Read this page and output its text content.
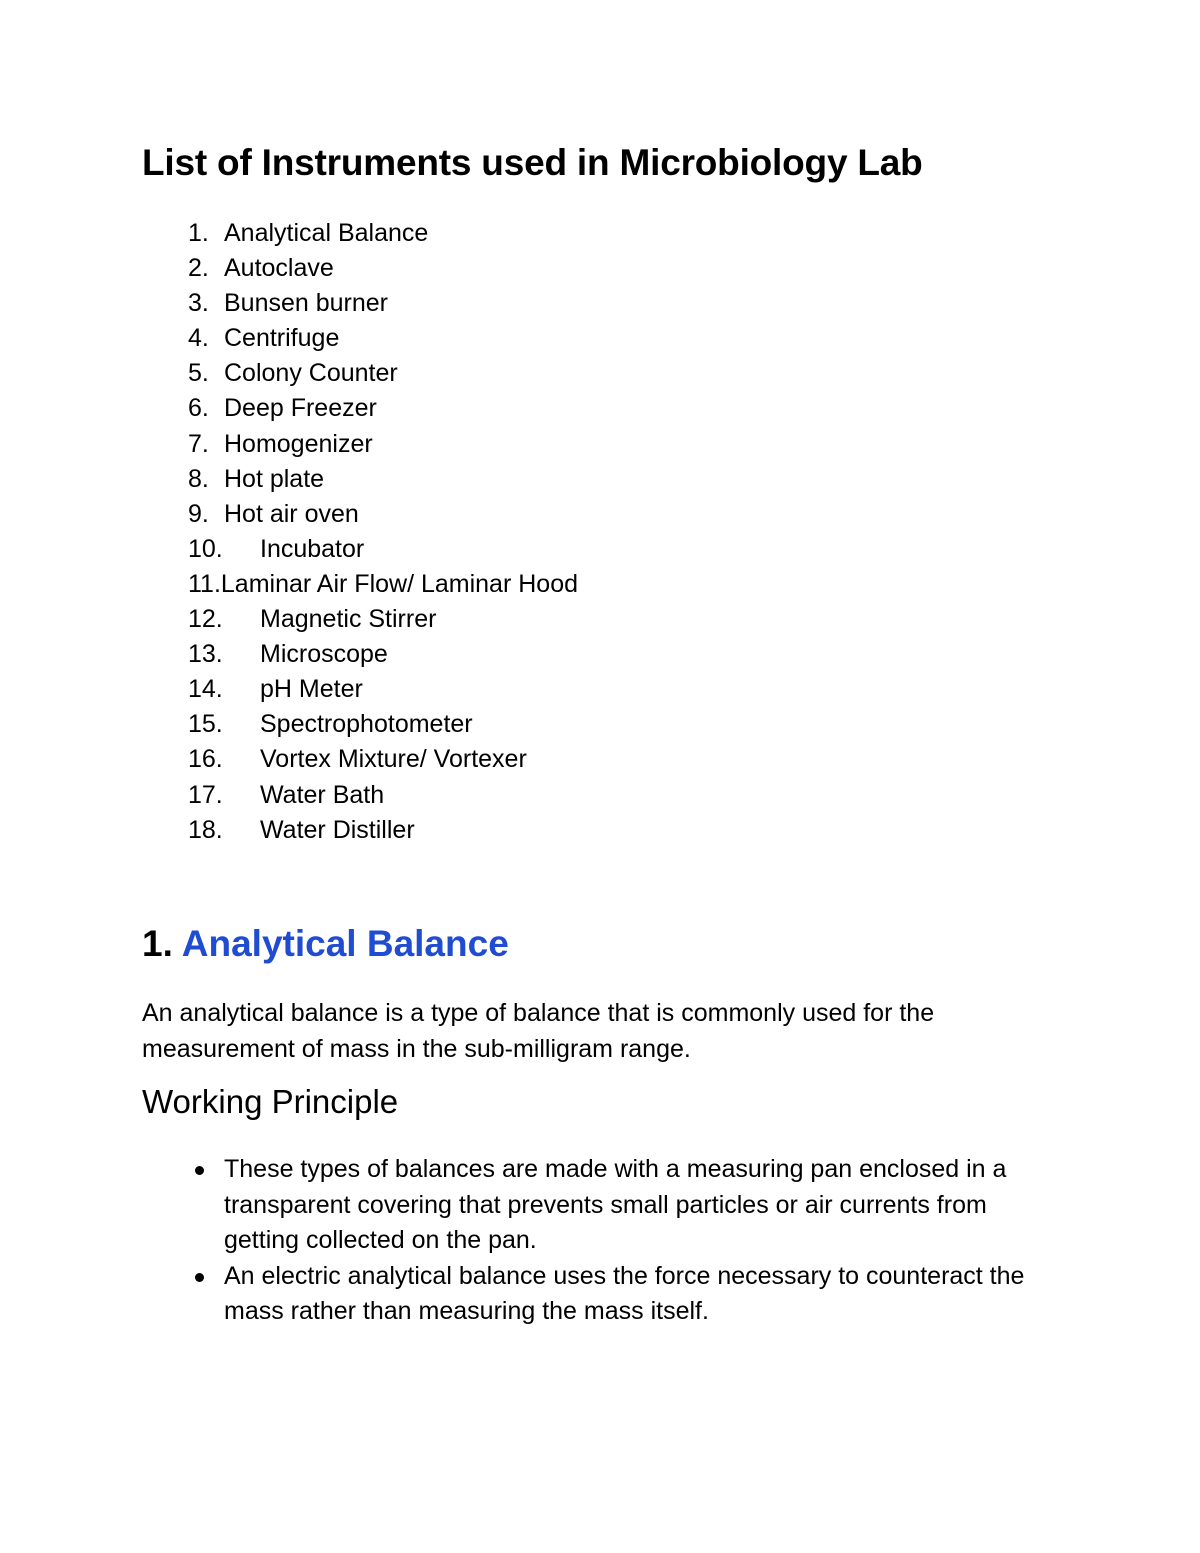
List of Instruments used in Microbiology Lab
1. Analytical Balance
2. Autoclave
3. Bunsen burner
4. Centrifuge
5. Colony Counter
6. Deep Freezer
7. Homogenizer
8. Hot plate
9. Hot air oven
10. Incubator
11.Laminar Air Flow/ Laminar Hood
12. Magnetic Stirrer
13. Microscope
14. pH Meter
15. Spectrophotometer
16. Vortex Mixture/ Vortexer
17. Water Bath
18. Water Distiller
1. Analytical Balance

An analytical balance is a type of balance that is commonly used for the measurement of mass in the sub-milligram range.

Working Principle
These types of balances are made with a measuring pan enclosed in a transparent covering that prevents small particles or air currents from getting collected on the pan.
An electric analytical balance uses the force necessary to counteract the mass rather than measuring the mass itself.
